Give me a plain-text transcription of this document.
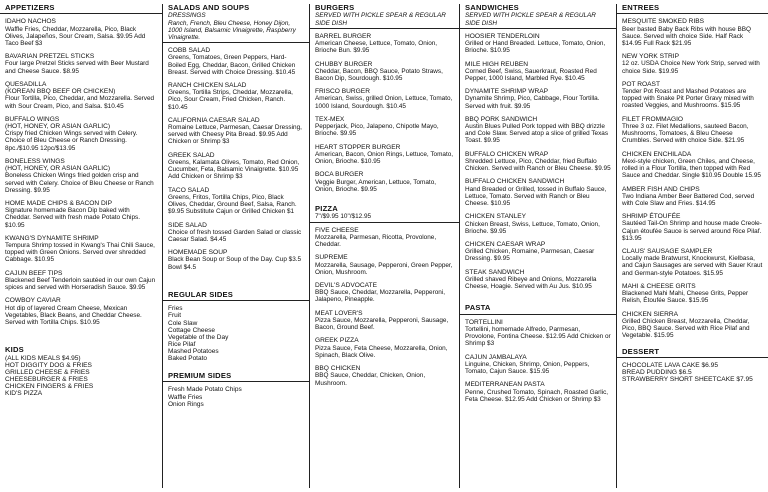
APPETIZERS
IDAHO NACHOS
Waffle Fries, Cheddar, Mozzarella, Pico, Black Olives, Jalapeños, Sour Cream, Salsa. $9.95 Add Taco Beef $3
BAVARIAN PRETZEL STICKS
Four large Pretzel Sticks served with Beer Mustard and Cheese Sauce. $8.95
QUESADILLA
(KOREAN BBQ BEEF OR CHICKEN)
Flour Tortilla, Pico, Cheddar, and Mozzarella. Served with Sour Cream, Pico, and Salsa. $10.45
BUFFALO WINGS
(HOT, HONEY, OR ASIAN GARLIC)
Crispy fried Chicken Wings served with Celery. Choice of Bleu Cheese or Ranch Dressing. 8pc./$10.95 12pc/$13.95
BONELESS WINGS
(HOT, HONEY, OR ASIAN GARLIC)
Boneless Chicken Wings fried golden crisp and served with Celery. Choice of Bleu Cheese or Ranch Dressing. $9.95
HOME MADE CHIPS & BACON DIP
Signature homemade Bacon Dip baked with Cheddar. Served with fresh made Potato Chips. $10.95
KWANG'S DYNAMITE SHRIMP
Tempura Shrimp tossed in Kwang's Thai Chili Sauce, topped with Green Onions. Served over shredded Cabbage. $10.95
CAJUN BEEF TIPS
Blackened Beef Tenderloin sautéed in our own Cajun spices and served with Horseradish Sauce. $9.95
COWBOY CAVIAR
Hot dip of layered Cream Cheese, Mexican Vegetables, Black Beans, and Cheddar Cheese. Served with Tortilla Chips. $10.95
KIDS
(ALL KIDS MEALS $4.95)
HOT DIGGITY DOG & FRIES
GRILLED CHEESE & FRIES
CHEESEBURGER & FRIES
CHICKEN FINGERS & FRIES
KID'S PIZZA
SALADS AND SOUPS
DRESSINGS
Ranch, French, Bleu Cheese, Honey Dijon, 1000 Island, Balsamic Vinaigrette, Raspberry Vinaigrette.
COBB SALAD
Greens, Tomatoes, Green Peppers, Hard-Boiled Egg, Cheddar, Bacon, Grilled Chicken Breast. Served with Choice Dressing. $10.45
RANCH CHICKEN SALAD
Greens, Tortilla Strips, Cheddar, Mozzarella, Pico, Sour Cream, Fried Chicken, Ranch. $10.45
CALIFORNIA CAESAR SALAD
Romaine Lettuce, Parmesan, Caesar Dressing, served with Cheesy Pita Bread. $9.95 Add Chicken or Shrimp $3
GREEK SALAD
Greens, Kalamata Olives, Tomato, Red Onion, Cucumber, Feta, Balsamic Vinaigrette. $10.95 Add Chicken or Shrimp $3
TACO SALAD
Greens, Fritos, Tortilla Chips, Pico, Black Olives, Cheddar, Ground Beef, Salsa, Ranch. $9.95 Substitute Cajun or Grilled Chicken $1
SIDE SALAD
Choice of fresh tossed Garden Salad or classic Caesar Salad. $4.45
HOMEMADE SOUP
Black Bean Soup or Soup of the Day. Cup $3.5 Bowl $4.5
REGULAR SIDES
Fries
Fruit
Cole Slaw
Cottage Cheese
Vegetable of the Day
Rice Pilaf
Mashed Potatoes
Baked Potato
PREMIUM SIDES
Fresh Made Potato Chips
Waffle Fries
Onion Rings
BURGERS
SERVED WITH PICKLE SPEAR & REGULAR SIDE DISH
BARREL BURGER
American Cheese, Lettuce, Tomato, Onion, Brioche Bun. $9.95
CHUBBY BURGER
Cheddar, Bacon, BBQ Sauce, Potato Straws, Bacon Dip, Sourdough. $10.95
FRISCO BURGER
American, Swiss, grilled Onion, Lettuce, Tomato, 1000 Island, Sourdough. $10.45
TEX-MEX
Pepperjack, Pico, Jalapeno, Chipotle Mayo, Brioche. $9.95
HEART STOPPER BURGER
American, Bacon, Onion Rings, Lettuce, Tomato, Onion, Brioche. $10.95
BOCA BURGER
Veggie Burger, American, Lettuce, Tomato, Onion, Brioche. $9.95
PIZZA
7"/$9.95 10"/$12.95
FIVE CHEESE
Mozzarella, Parmesan, Ricotta, Provolone, Cheddar.
SUPREME
Mozzarella, Sausage, Pepperoni, Green Pepper, Onion, Mushroom.
DEVIL'S ADVOCATE
BBQ Sauce, Cheddar, Mozzarella, Pepperoni, Jalapeno, Pineapple.
MEAT LOVER'S
Pizza Sauce, Mozzarella, Pepperoni, Sausage, Bacon, Ground Beef.
GREEK PIZZA
Pizza Sauce, Feta Cheese, Mozzarella, Onion, Spinach, Black Olive.
BBQ CHICKEN
BBQ Sauce, Cheddar, Chicken, Onion, Mushroom.
SANDWICHES
SERVED WITH PICKLE SPEAR & REGULAR SIDE DISH
HOOSIER TENDERLOIN
Grilled or Hand Breaded. Lettuce, Tomato, Onion, Brioche. $10.95
MILE HIGH REUBEN
Corned Beef, Swiss, Sauerkraut, Roasted Red Pepper, 1000 Island, Marbled Rye. $10.45
DYNAMITE SHRIMP WRAP
Dynamite Shrimp, Pico, Cabbage, Flour Tortilla. Served with fruit. $9.95
BBQ PORK SANDWICH
Austin Blues Pulled Pork topped with BBQ drizzle and Cole Slaw. Served atop a slice of grilled Texas Toast. $9.95
BUFFALO CHICKEN WRAP
Shredded Lettuce, Pico, Cheddar, fried Buffalo Chicken. Served with Ranch or Bleu Cheese. $9.95
BUFFALO CHICKEN SANDWICH
Hand Breaded or Grilled, tossed in Buffalo Sauce, Lettuce, Tomato. Served with Ranch or Bleu Cheese. $10.95
CHICKEN STANLEY
Chicken Breast, Swiss, Lettuce, Tomato, Onion, Brioche. $9.95
CHICKEN CAESAR WRAP
Grilled Chicken, Romaine, Parmesan, Caesar Dressing. $9.95
STEAK SANDWICH
Grilled shaved Ribeye and Onions, Mozzarella Cheese, Hoagie. Served with Au Jus. $10.95
PASTA
TORTELLINI
Tortellini, homemade Alfredo, Parmesan, Provolone, Fontina Cheese. $12.95 Add Chicken or Shrimp $3
CAJUN JAMBALAYA
Linguine, Chicken, Shrimp, Onion, Peppers, Tomato, Cajun Sauce. $15.95
MEDITERRANEAN PASTA
Penne, Crushed Tomato, Spinach, Roasted Garlic, Feta Cheese. $12.95 Add Chicken or Shrimp $3
ENTREES
MESQUITE SMOKED RIBS
Beer basted Baby Back Ribs with house BBQ Sauce. Served with choice Side. Half Rack $14.95 Full Rack $21.95
NEW YORK STRIP
12 oz. USDA Choice New York Strip, served with choice Side. $19.95
POT ROAST
Tender Pot Roast and Mashed Potatoes are topped with Snake Pit Porter Gravy mixed with roasted Veggies, and Mushrooms. $15.95
FILET FROMMAGIO
Three 3 oz. Filet Medallions, sauteed Bacon, Mushrooms, Tomatoes, & Bleu Cheese Crumbles. Served with choice Side. $21.95
CHICKEN ENCHILADA
Mexi-style chicken, Green Chiles, and Cheese, rolled in a Flour Tortilla, then topped with Red Sauce and Cheddar. Single $10.95 Double 15.95
AMBER FISH AND CHIPS
Two Indiana Amber Beer Battered Cod, served with Cole Slaw and Fries. $14.95
SHRIMP ÉTOUFÉE
Sautéed Tail-On Shrimp and house made Creole-Cajun étoufée Sauce is served around Rice Pilaf. $13.95
CLAUS' SAUSAGE SAMPLER
Locally made Bratwurst, Knockwurst, Kielbasa, and Cajun Sausages are served with Sauer Kraut and German-style Potatoes. $15.95
MAHI & CHEESE GRITS
Blackened Mahi Mahi, Cheese Grits, Pepper Relish, Étoufée Sauce. $15.95
CHICKEN SIERRA
Grilled Chicken Breast, Mozzarella, Cheddar, Pico, BBQ Sauce. Served with Rice Pilaf and Vegetable. $15.95
DESSERT
CHOCOLATE LAVA CAKE $6.95
BREAD PUDDING $6.5
STRAWBERRY SHORT SHEETCAKE $7.95
